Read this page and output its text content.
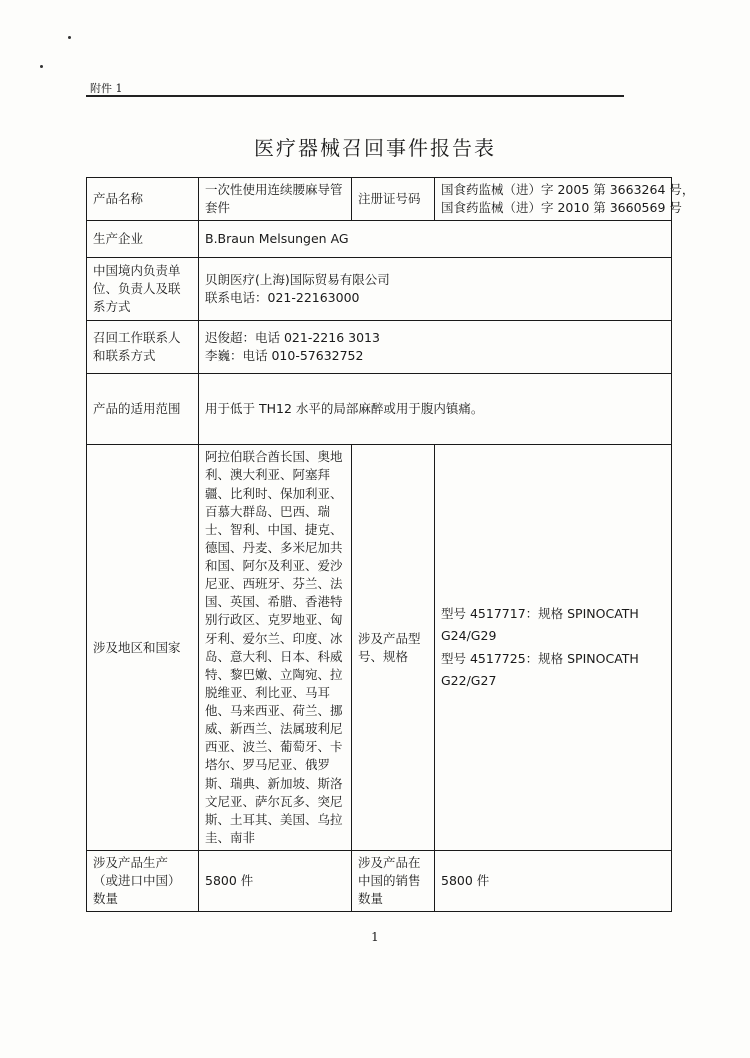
附件 1
医疗器械召回事件报告表
产品名称	一次性使用连续腰麻导管套件	注册证号码	国食药监械（进）字 2005 第 3663264 号，
国食药监械（进）字 2010 第 3660569 号

生产企业	B.Braun Melsungen AG		
中国境内负责单位、负责人及联系方式	贝朗医疗(上海)国际贸易有限公司
联系电话：021-22163000		

召回工作联系人和联系方式	迟俊超：电话 021-2216 3013
李巍：电话 010-57632752		

产品的适用范围	用于低于 TH12 水平的局部麻醉或用于腹内镇痛。		
涉及地区和国家	阿拉伯联合酋长国、奥地利、澳大利亚、阿塞拜疆、比利时、保加利亚、百慕大群岛、巴西、瑞士、智利、中国、捷克、德国、丹麦、多米尼加共和国、阿尔及利亚、爱沙尼亚、西班牙、芬兰、法国、英国、希腊、香港特别行政区、克罗地亚、匈牙利、爱尔兰、印度、冰岛、意大利、日本、科威特、黎巴嫩、立陶宛、拉脱维亚、利比亚、马耳他、马来西亚、荷兰、挪威、新西兰、法属玻利尼西亚、波兰、葡萄牙、卡塔尔、罗马尼亚、俄罗斯、瑞典、新加坡、斯洛文尼亚、萨尔瓦多、突尼斯、土耳其、美国、乌拉圭、南非	涉及产品型号、规格	型号 4517717：规格 SPINOCATH G24/G29
型号 4517725：规格 SPINOCATH G22/G27

涉及产品生产（或进口中国）数量	5800 件	涉及产品在中国的销售数量	5800 件
1
